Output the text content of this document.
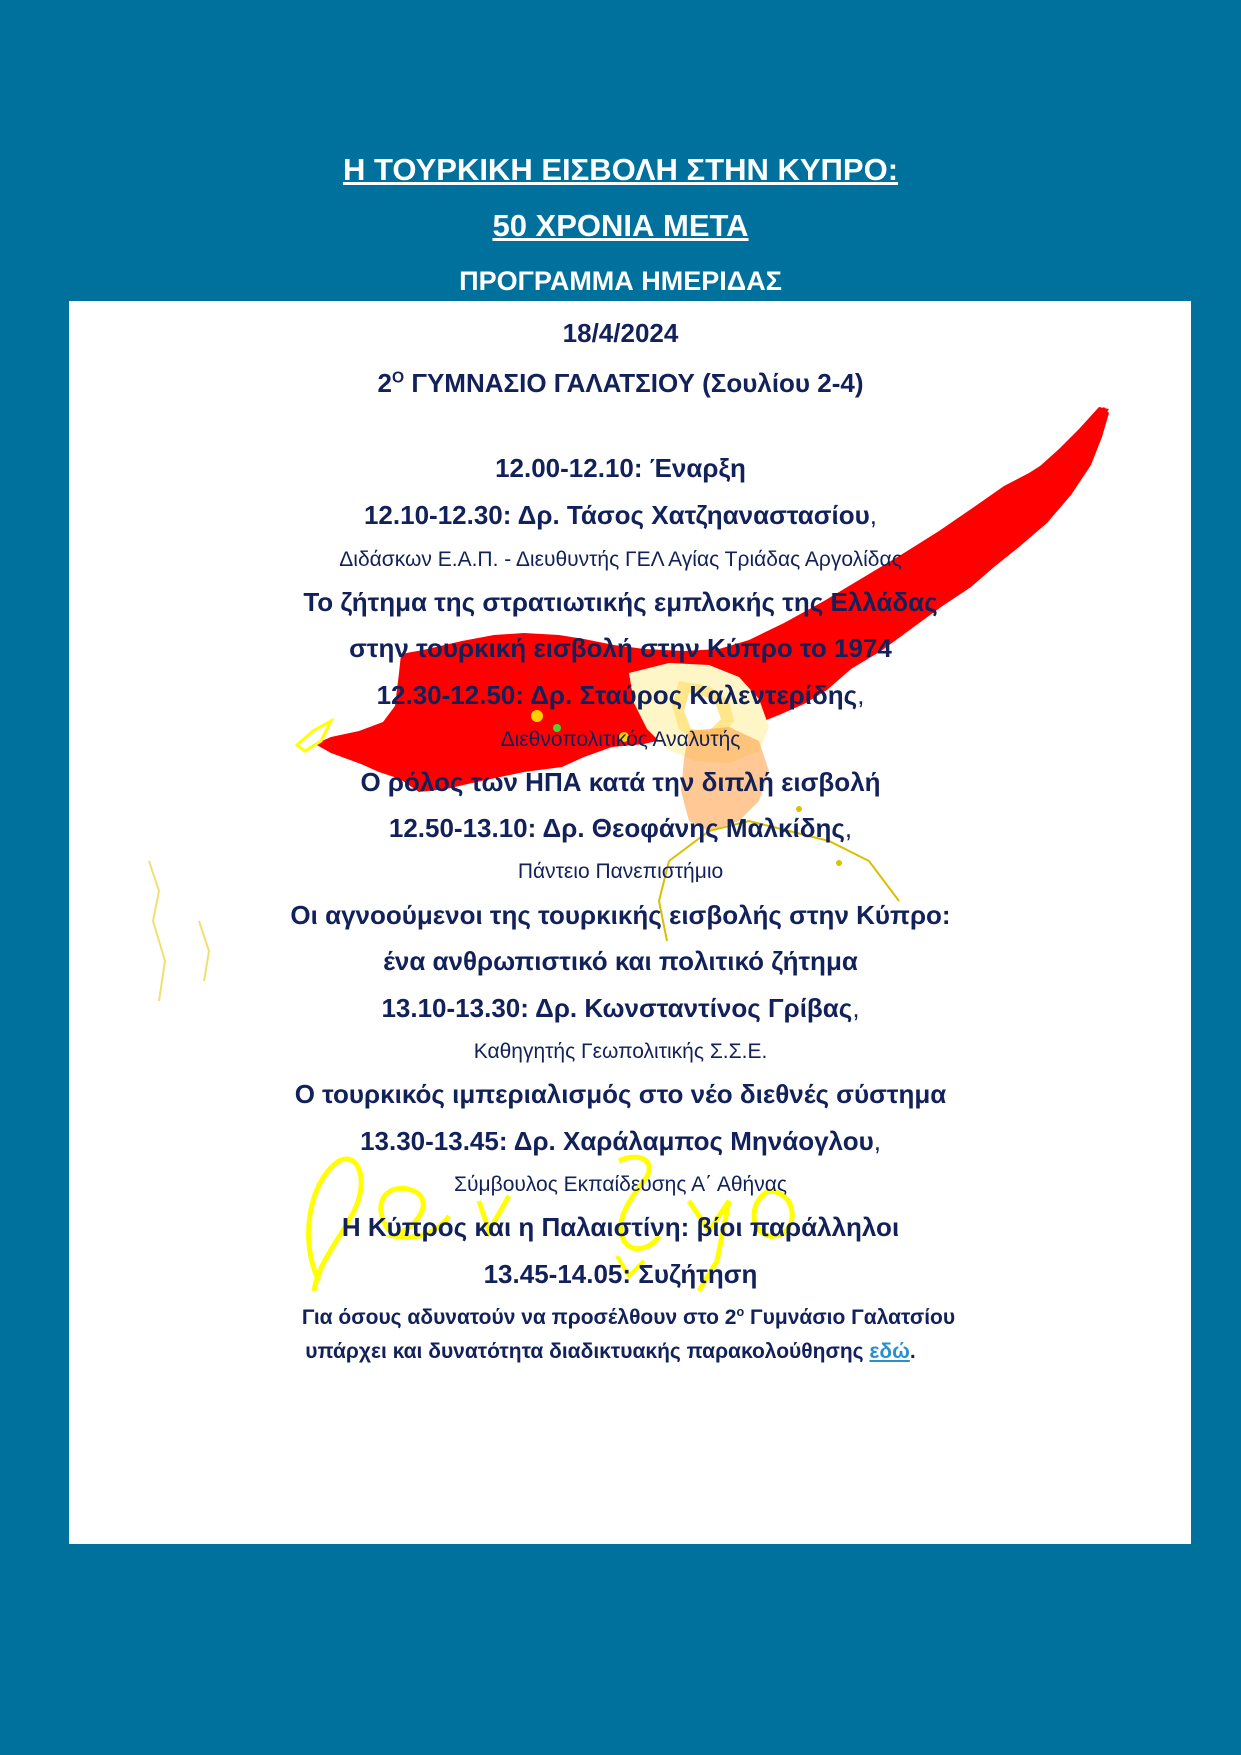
Η ΤΟΥΡΚΙΚΗ ΕΙΣΒΟΛΗ ΣΤΗΝ ΚΥΠΡΟ:
50 ΧΡΟΝΙΑ ΜΕΤΑ
ΠΡΟΓΡΑΜΜΑ ΗΜΕΡΙΔΑΣ
18/4/2024
$2^O$ ΓΥΜΝΑΣΙΟ ΓΑΛΑΤΣΙΟΥ (Σουλίου 2-4)
12.00-12.10: Έναρξη
12.10-12.30: Δρ. Τάσος Χατζηαναστασίου,
Διδάσκων Ε.Α.Π. - Διευθυντής ΓΕΛ Αγίας Τριάδας Αργολίδας
Το ζήτημα της στρατιωτικής εμπλοκής της Ελλάδας
στην τουρκική εισβολή στην Κύπρο το 1974
12.30-12.50: Δρ. Σταύρος Καλεντερίδης,
Διεθνοπολιτικός Αναλυτής
Ο ρόλος των ΗΠΑ κατά την διπλή εισβολή
12.50-13.10: Δρ. Θεοφάνης Μαλκίδης,
Πάντειο Πανεπιστήμιο
Οι αγνοούμενοι της τουρκικής εισβολής στην Κύπρο:
ένα ανθρωπιστικό και πολιτικό ζήτημα
13.10-13.30: Δρ. Κωνσταντίνος Γρίβας,
Καθηγητής Γεωπολιτικής Σ.Σ.Ε.
Ο τουρκικός ιμπεριαλισμός στο νέο διεθνές σύστημα
13.30-13.45: Δρ. Χαράλαμπος Μηνάογλου,
Σύμβουλος Εκπαίδευσης Α΄ Αθήνας
Η Κύπρος και η Παλαιστίνη: βίοι παράλληλοι
13.45-14.05: Συζήτηση
Για όσους αδυνατούν να προσέλθουν στο $2^o$ Γυμνάσιο Γαλατσίου
υπάρχει και δυνατότητα διαδικτυακής παρακολούθησης εδώ.
